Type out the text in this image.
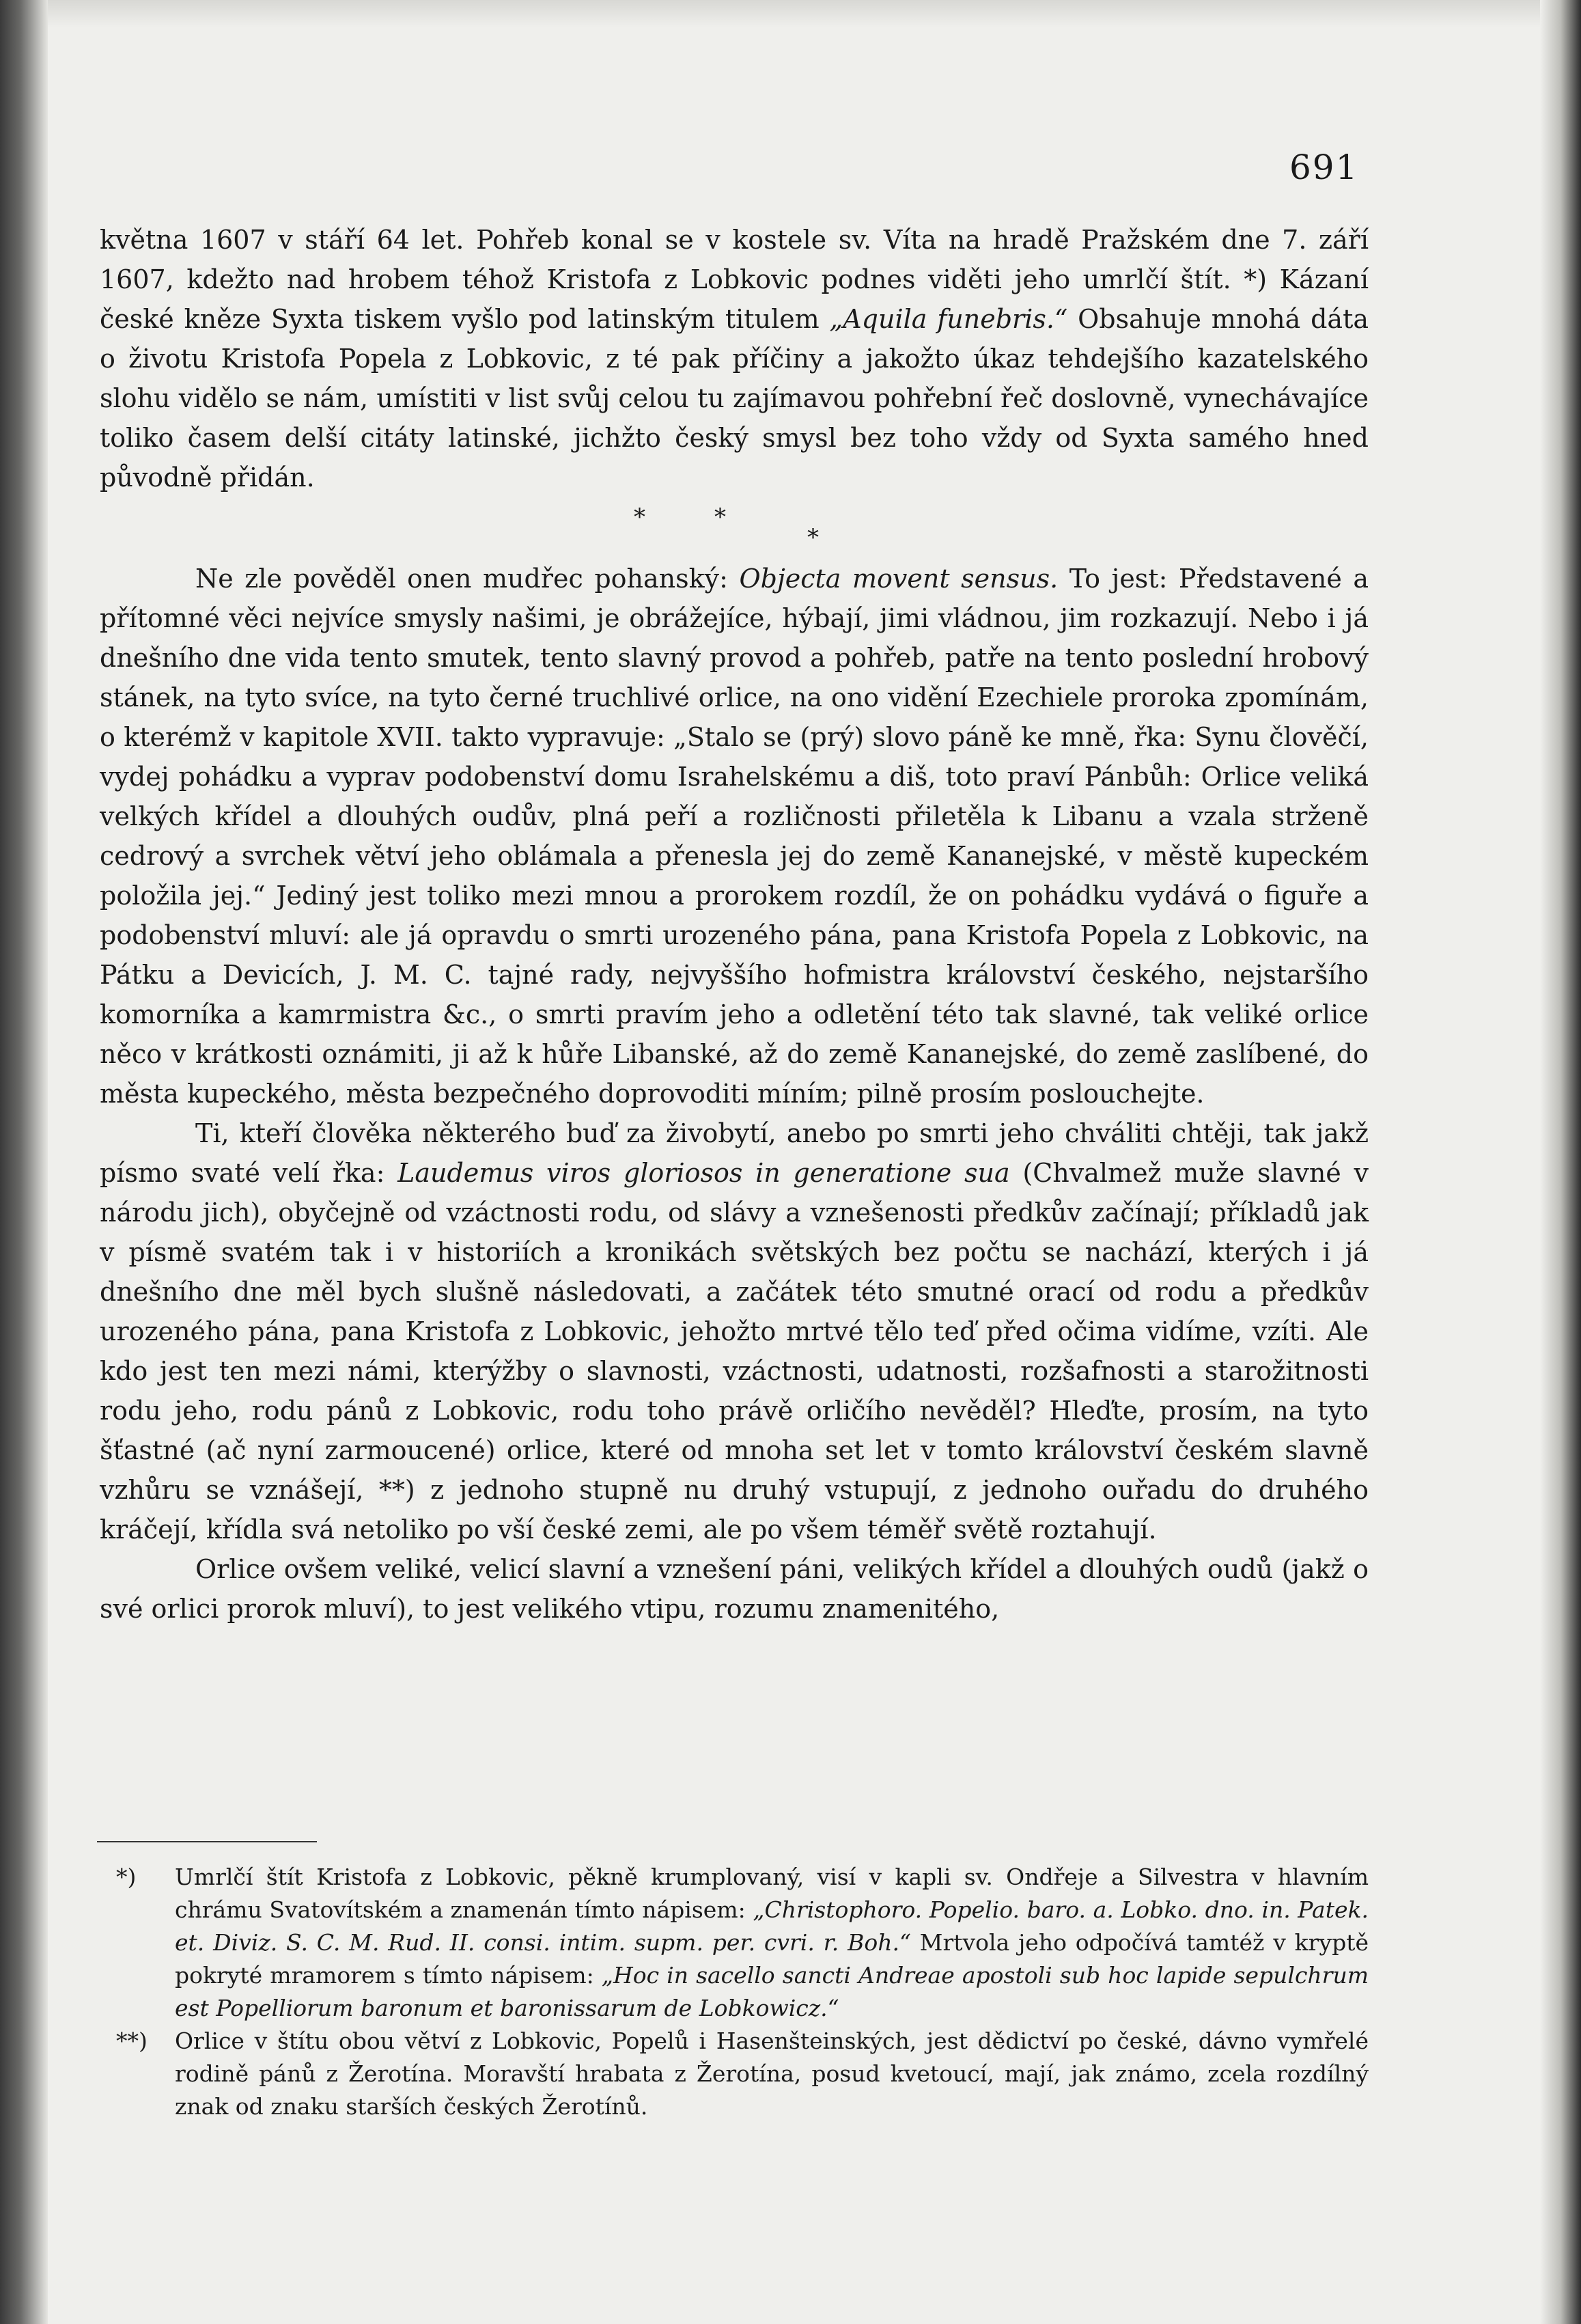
691

května 1607 v stáří 64 let. Pohřeb konal se v kostele sv. Víta na hradě Pražském dne 7. září 1607, kdežto nad hrobem téhož Kristofa z Lobkovic podnes viděti jeho umrlčí štít. *) Kázaní české kněze Syxta tiskem vyšlo pod latinským titulem „Aquila funebris.“ Obsahuje mnohá dáta o životu Kristofa Popela z Lobkovic, z té pak příčiny a jakožto úkaz tehdejšího kazatelského slohu vidělo se nám, umístiti v list svůj celou tu zajímavou pohřební řeč doslovně, vynechávajíce toliko časem delší citáty latinské, jichžto český smysl bez toho vždy od Syxta samého hned původně přidán.

*
*
*

Ne zle pověděl onen mudřec pohanský: Objecta movent sensus. To jest: Představené a přítomné věci nejvíce smysly našimi, je obrážejíce, hýbají, jimi vládnou, jim rozkazují. Nebo i já dnešního dne vida tento smutek, tento slavný provod a pohřeb, patře na tento poslední hrobový stánek, na tyto svíce, na tyto černé truchlivé orlice, na ono vidění Ezechiele proroka zpomínám, o kterémž v kapitole XVII. takto vypravuje: „Stalo se (prý) slovo páně ke mně, řka: Synu člověčí, vydej pohádku a vyprav podobenství domu Israhelskému a diš, toto praví Pánbůh: Orlice veliká velkých křídel a dlouhých oudův, plná peří a rozličnosti přiletěla k Libanu a vzala strženě cedrový a svrchek větví jeho oblámala a přenesla jej do země Kananejské, v městě kupeckém položila jej.“ Jediný jest toliko mezi mnou a prorokem rozdíl, že on pohádku vydává o figuře a podobenství mluví: ale já opravdu o smrti urozeného pána, pana Kristofa Popela z Lobkovic, na Pátku a Devicích, J. M. C. tajné rady, nejvyššího hofmistra království českého, nejstaršího komorníka a kamrmistra &c., o smrti pravím jeho a odletění této tak slavné, tak veliké orlice něco v krátkosti oznámiti, ji až k hůře Libanské, až do země Kananejské, do země zaslíbené, do města kupeckého, města bezpečného doprovoditi míním; pilně prosím poslouchejte.

Ti, kteří člověka některého buď za živobytí, anebo po smrti jeho chváliti chtěji, tak jakž písmo svaté velí řka: Laudemus viros gloriosos in generatione sua (Chvalmež muže slavné v národu jich), obyčejně od vzáctnosti rodu, od slávy a vznešenosti předkův začínají; příkladů jak v písmě svatém tak i v historiích a kronikách světských bez počtu se nachází, kterých i já dnešního dne měl bych slušně následovati, a začátek této smutné orací od rodu a předkův urozeného pána, pana Kristofa z Lobkovic, jehožto mrtvé tělo teď před očima vidíme, vzíti. Ale kdo jest ten mezi námi, kterýžby o slavnosti, vzáctnosti, udatnosti, rozšafnosti a starožitnosti rodu jeho, rodu pánů z Lobkovic, rodu toho právě orličího nevěděl? Hleďte, prosím, na tyto šťastné (ač nyní zarmoucené) orlice, které od mnoha set let v tomto království českém slavně vzhůru se vznášejí, **) z jednoho stupně nu druhý vstupují, z jednoho ouřadu do druhého kráčejí, křídla svá netoliko po vší české zemi, ale po všem téměř světě roztahují.

Orlice ovšem veliké, velicí slavní a vznešení páni, velikých křídel a dlouhých oudů (jakž o své orlici prorok mluví), to jest velikého vtipu, rozumu znamenitého,

*) Umrlčí štít Kristofa z Lobkovic, pěkně krumplovaný, visí v kapli sv. Ondřeje a Silvestra v hlavním chrámu Svatovítském a znamenán tímto nápisem: „Christophoro. Popelio. baro. a. Lobko. dno. in. Patek. et. Diviz. S. C. M. Rud. II. consi. intim. supm. per. cvri. r. Boh.“ Mrtvola jeho odpočívá tamtéž v kryptě pokryté mramorem s tímto nápisem: „Hoc in sacello sancti Andreae apostoli sub hoc lapide sepulchrum est Popelliorum baronum et baronissarum de Lobkowicz.“
**) Orlice v štítu obou větví z Lobkovic, Popelů i Hasenšteinských, jest dědictví po české, dávno vymřelé rodině pánů z Žerotína. Moravští hrabata z Žerotína, posud kvetoucí, mají, jak známo, zcela rozdílný znak od znaku starších českých Žerotínů.
